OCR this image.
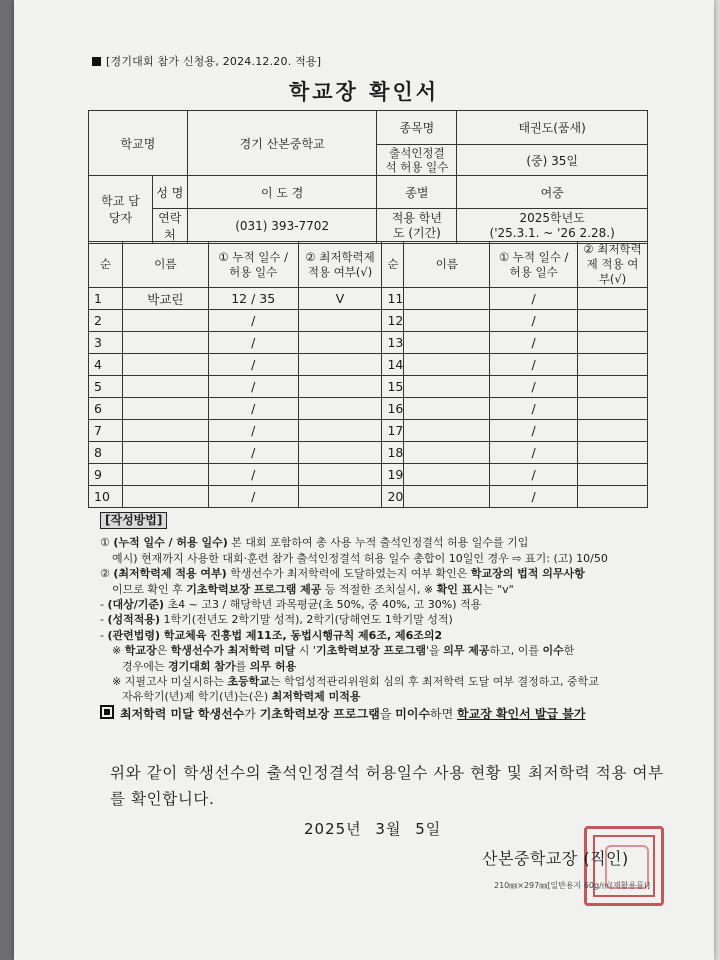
[경기대회 참가 신청용, 2024.12.20. 적용]
학교장 확인서
학교명		경기 산본중학교	종목명	태권도(품새)
			출석인정결석 허용 일수	(중) 35일
학교 담당자	성 명	이 도 경	종별	여중
	연락처	(031) 393-7702	적용 학년도 (기간)	2025학년도
('25.3.1. ~ '26 2.28.)
순	이름	① 누적 일수 / 허용 일수	② 최저학력제 적용 여부(√)	순	이름	① 누적 일수 / 허용 일수	② 최저학력제 적용 여부(√)
1	박교린	12 / 35	V	11		/	
2		/		12		/	
3		/		13		/	
4		/		14		/	
5		/		15		/	
6		/		16		/	
7		/		17		/	
8		/		18		/	
9		/		19		/	
10		/		20		/	
[작성방법]

① (누적 일수 / 허용 일수) 본 대회 포함하여 총 사용 누적 출석인정결석 허용 일수를 기입

예시) 현재까지 사용한 대회·훈련 참가 출석인정결석 허용 일수 총합이 10일인 경우 ⇨ 표기: (고) 10/50

② (최저학력제 적용 여부) 학생선수가 최저학력에 도달하였는지 여부 확인은 학교장의 법적 의무사항

이므로 확인 후 기초학력보장 프로그램 제공 등 적절한 조치실시, ※ 확인 표시는 "v"

- (대상/기준) 초4 ~ 고3 / 해당학년 과목평균(초 50%, 중 40%, 고 30%) 적용

- (성적적용) 1학기(전년도 2학기말 성적), 2학기(당해연도 1학기말 성적)

- (관련법령) 학교체육 진흥법 제11조, 동법시행규칙 제6조, 제6조의2

※ 학교장은 학생선수가 최저학력 미달 시 '기초학력보장 프로그램'을 의무 제공하고, 이를 이수한

경우에는 경기대회 참가를 의무 허용

※ 지필고사 미실시하는 초등학교는 학업성적관리위원회 심의 후 최저학력 도달 여부 결정하고, 중학교

자유학기(년)제 학기(년)는(은) 최저학력제 미적용

최저학력 미달 학생선수가 기초학력보장 프로그램을 미이수하면 학교장 확인서 발급 불가

위와 같이 학생선수의 출석인정결석 허용일수 사용 현황 및 최저학력 적용 여부를 확인합니다.
2025년 3월 5일
산본중학교장 (직인)
210㎜×297㎜[일반용지 60g/㎡(재활용품)]
